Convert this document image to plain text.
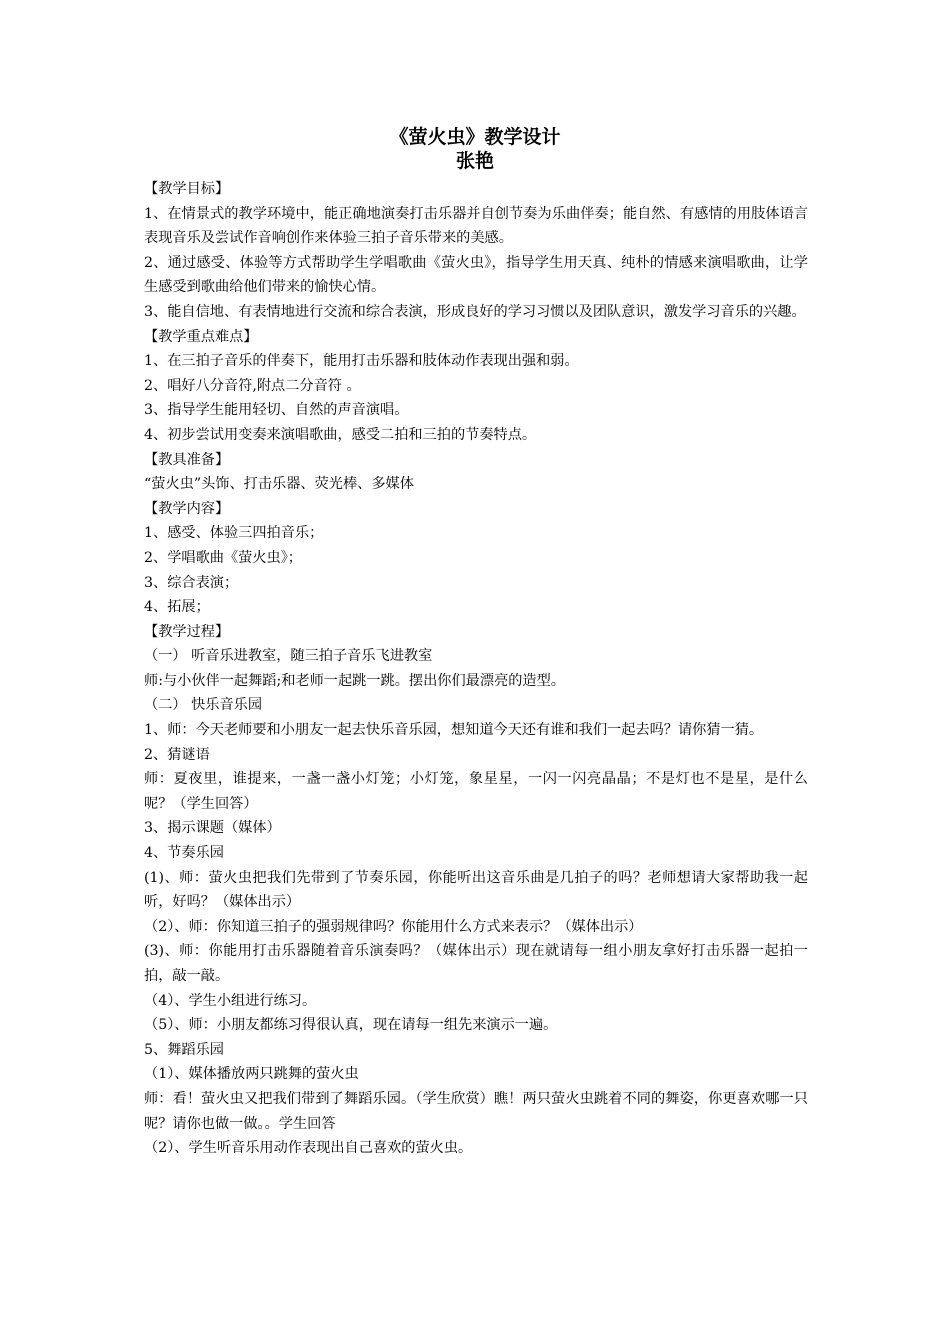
《萤火虫》教学设计

张艳

【教学目标】

1、在情景式的教学环境中，能正确地演奏打击乐器并自创节奏为乐曲伴奏；能自然、有感情的用肢体语言表现音乐及尝试作音响创作来体验三拍子音乐带来的美感。

2、通过感受、体验等方式帮助学生学唱歌曲《萤火虫》，指导学生用天真、纯朴的情感来演唱歌曲，让学生感受到歌曲给他们带来的愉快心情。

3、能自信地、有表情地进行交流和综合表演，形成良好的学习习惯以及团队意识，激发学习音乐的兴趣。

【教学重点难点】

1、在三拍子音乐的伴奏下，能用打击乐器和肢体动作表现出强和弱。

2、唱好八分音符,附点二分音符 。

3、指导学生能用轻切、自然的声音演唱。

4、初步尝试用变奏来演唱歌曲，感受二拍和三拍的节奏特点。

【教具准备】

“萤火虫”头饰、打击乐器、荧光棒、多媒体

【教学内容】

1、感受、体验三四拍音乐；

2、学唱歌曲《萤火虫》；

3、综合表演；

4、拓展；

【教学过程】

（一） 听音乐进教室，随三拍子音乐飞进教室

师:与小伙伴一起舞蹈;和老师一起跳一跳。摆出你们最漂亮的造型。

（二） 快乐音乐园

1、师：今天老师要和小朋友一起去快乐音乐园，想知道今天还有谁和我们一起去吗？请你猜一猜。

2、猜谜语

师：夏夜里，谁提来，一盏一盏小灯笼；小灯笼，象星星，一闪一闪亮晶晶；不是灯也不是星，是什么呢？（学生回答）

3、揭示课题（媒体）

4、节奏乐园

(1)、师：萤火虫把我们先带到了节奏乐园，你能听出这音乐曲是几拍子的吗？老师想请大家帮助我一起听，好吗？（媒体出示）

（2）、师：你知道三拍子的强弱规律吗？你能用什么方式来表示？（媒体出示）

(3)、师：你能用打击乐器随着音乐演奏吗？（媒体出示）现在就请每一组小朋友拿好打击乐器一起拍一拍，敲一敲。

（4）、学生小组进行练习。

（5）、师：小朋友都练习得很认真，现在请每一组先来演示一遍。

5、舞蹈乐园

（1）、媒体播放两只跳舞的萤火虫

师：看！萤火虫又把我们带到了舞蹈乐园。（学生欣赏）瞧！两只萤火虫跳着不同的舞姿，你更喜欢哪一只呢？请你也做一做。。学生回答

（2）、学生听音乐用动作表现出自己喜欢的萤火虫。
